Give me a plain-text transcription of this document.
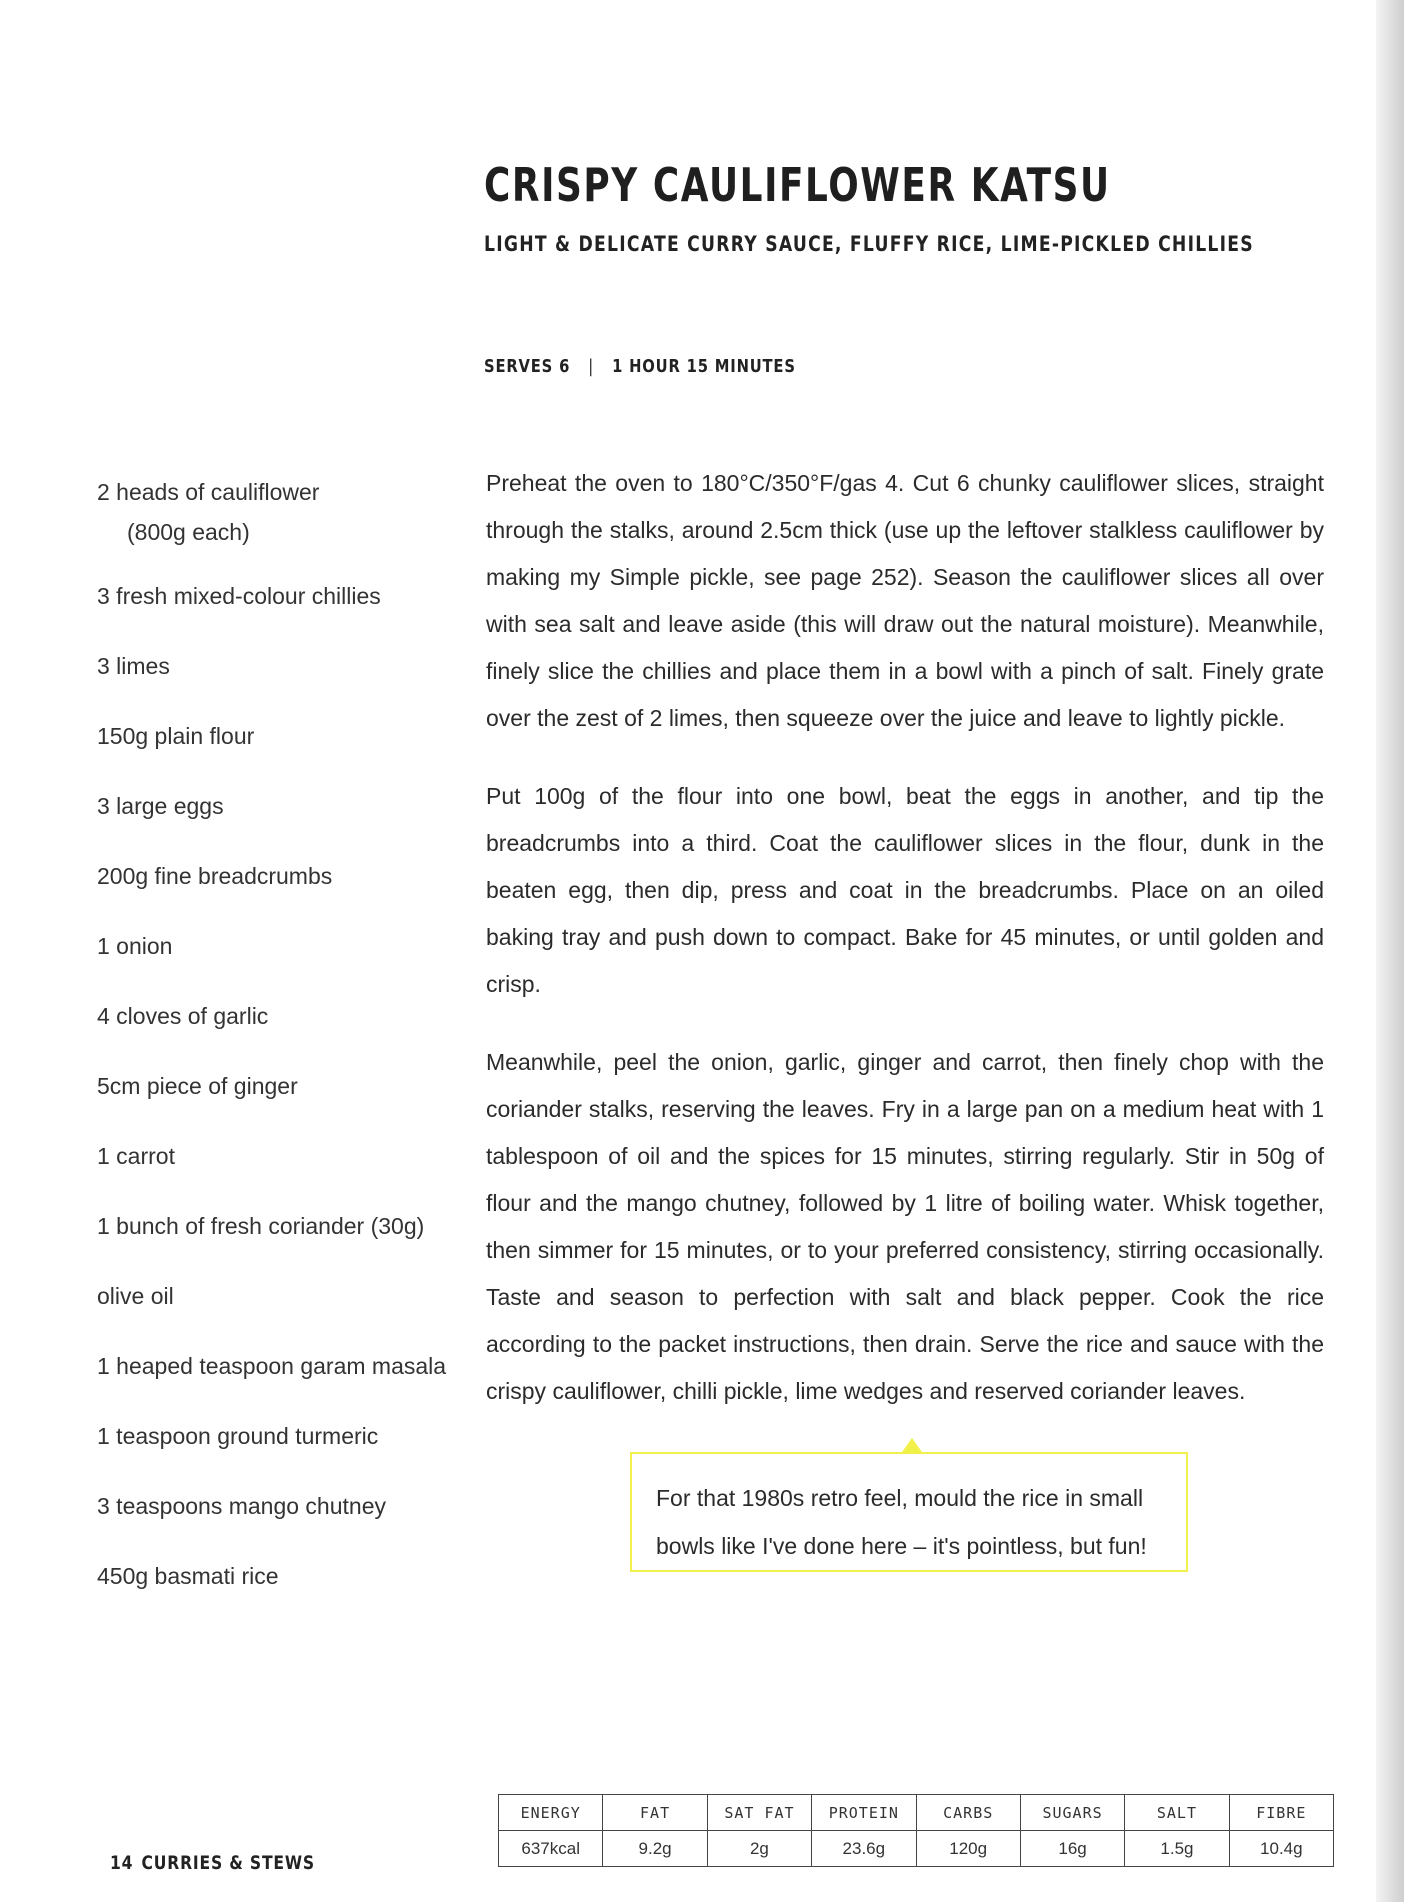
CRISPY CAULIFLOWER KATSU
LIGHT & DELICATE CURRY SAUCE, FLUFFY RICE, LIME-PICKLED CHILLIES
SERVES 6 | 1 HOUR 15 MINUTES
2 heads of cauliflower
(800g each)
3 fresh mixed-colour chillies
3 limes
150g plain flour
3 large eggs
200g fine breadcrumbs
1 onion
4 cloves of garlic
5cm piece of ginger
1 carrot
1 bunch of fresh coriander (30g)
olive oil
1 heaped teaspoon garam masala
1 teaspoon ground turmeric
3 teaspoons mango chutney
450g basmati rice

Preheat the oven to 180°C/350°F/gas 4. Cut 6 chunky cauliflower slices, straight through the stalks, around 2.5cm thick (use up the leftover stalkless cauliflower by making my Simple pickle, see page 252). Season the cauliflower slices all over with sea salt and leave aside (this will draw out the natural moisture). Meanwhile, finely slice the chillies and place them in a bowl with a pinch of salt. Finely grate over the zest of 2 limes, then squeeze over the juice and leave to lightly pickle.

Put 100g of the flour into one bowl, beat the eggs in another, and tip the breadcrumbs into a third. Coat the cauliflower slices in the flour, dunk in the beaten egg, then dip, press and coat in the breadcrumbs. Place on an oiled baking tray and push down to compact. Bake for 45 minutes, or until golden and crisp.

Meanwhile, peel the onion, garlic, ginger and carrot, then finely chop with the coriander stalks, reserving the leaves. Fry in a large pan on a medium heat with 1 tablespoon of oil and the spices for 15 minutes, stirring regularly. Stir in 50g of flour and the mango chutney, followed by 1 litre of boiling water. Whisk together, then simmer for 15 minutes, or to your preferred consistency, stirring occasionally. Taste and season to perfection with salt and black pepper. Cook the rice according to the packet instructions, then drain. Serve the rice and sauce with the crispy cauliflower, chilli pickle, lime wedges and reserved coriander leaves.

For that 1980s retro feel, mould the rice in small bowls like I've done here – it's pointless, but fun!
ENERGY	FAT	SAT FAT	PROTEIN	CARBS	SUGARS	SALT	FIBRE
637kcal	9.2g	2g	23.6g	120g	16g	1.5g	10.4g
14 CURRIES & STEWS
